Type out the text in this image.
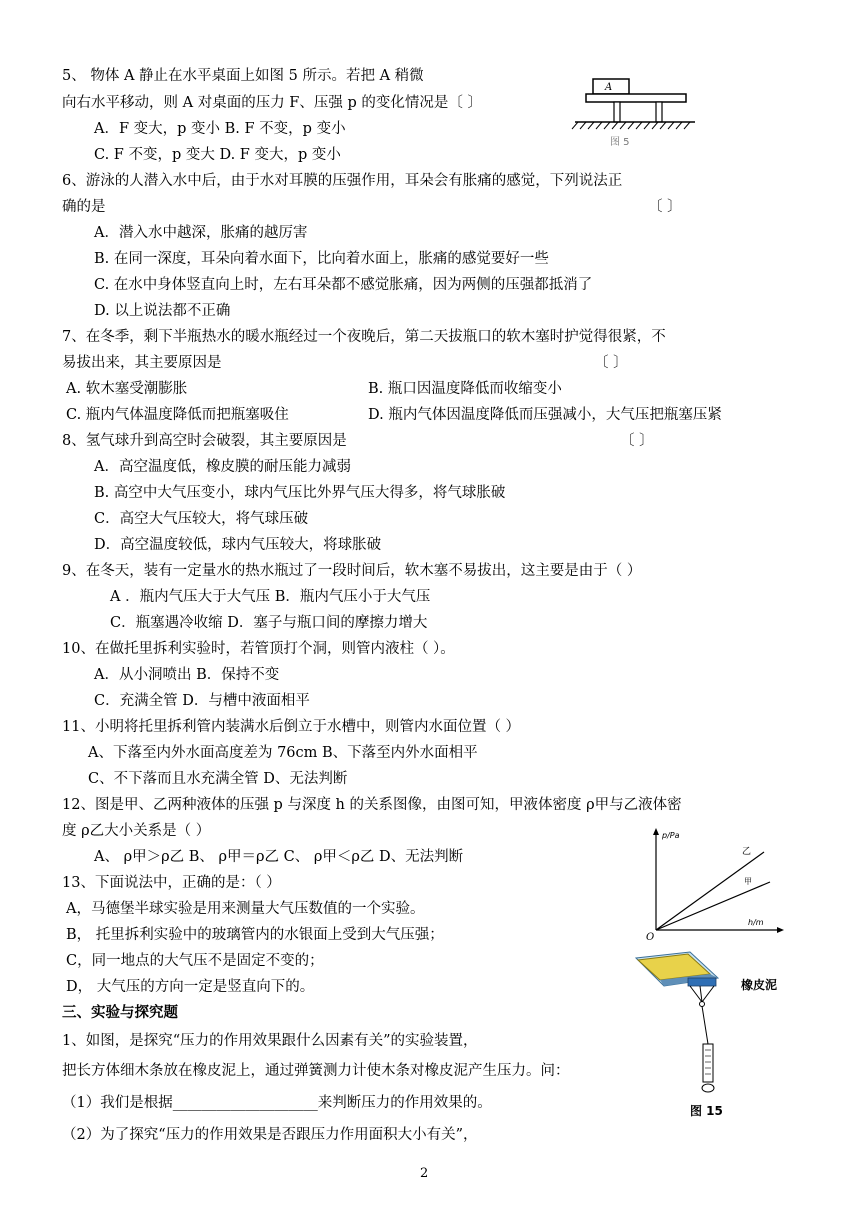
5、 物体 A 静止在水平桌面上如图 5 所示。若把 A 稍微
向右水平移动，则 A 对桌面的压力 F、压强 p 的变化情况是〔 〕
A．F 变大，p 变小 B. F 不变，p 变小
C. F 不变，p 变大 D. F 变大，p 变小
6、游泳的人潜入水中后，由于水对耳膜的压强作用，耳朵会有胀痛的感觉，下列说法正
确的是	〔 〕
A．潜入水中越深，胀痛的越厉害
B. 在同一深度，耳朵向着水面下，比向着水面上，胀痛的感觉要好一些
C. 在水中身体竖直向上时，左右耳朵都不感觉胀痛，因为两侧的压强都抵消了
D. 以上说法都不正确
7、在冬季，剩下半瓶热水的暖水瓶经过一个夜晚后，第二天拔瓶口的软木塞时护觉得很紧，不
易拔出来，其主要原因是	〔 〕
A. 软木塞受潮膨胀	B. 瓶口因温度降低而收缩变小
C. 瓶内气体温度降低而把瓶塞吸住	D. 瓶内气体因温度降低而压强减小，大气压把瓶塞压紧
8、氢气球升到高空时会破裂，其主要原因是	〔 〕
A．高空温度低，橡皮膜的耐压能力减弱
B. 高空中大气压变小，球内气压比外界气压大得多，将气球胀破
C．高空大气压较大，将气球压破
D．高空温度较低，球内气压较大，将球胀破
9、在冬天，装有一定量水的热水瓶过了一段时间后，软木塞不易拔出，这主要是由于（ ）
A ．瓶内气压大于大气压 B．瓶内气压小于大气压
C．瓶塞遇冷收缩 D．塞子与瓶口间的摩擦力增大
10、在做托里拆利实验时，若管顶打个洞，则管内液柱（ ）。
A．从小洞喷出 B．保持不变
C．充满全管 D．与槽中液面相平
11、小明将托里拆利管内装满水后倒立于水槽中，则管内水面位置（ ）
A、下落至内外水面高度差为 76cm B、下落至内外水面相平
C、不下落而且水充满全管 D、无法判断
12、图是甲、乙两种液体的压强 p 与深度 h 的关系图像，由图可知，甲液体密度 ρ甲与乙液体密
度 ρ乙大小关系是（ ）
A、 ρ甲＞ρ乙 B、 ρ甲＝ρ乙 C、 ρ甲＜ρ乙 D、无法判断
13、下面说法中，正确的是：（ ）
A，马德堡半球实验是用来测量大气压数值的一个实验。
B， 托里拆利实验中的玻璃管内的水银面上受到大气压强；
C，同一地点的大气压不是固定不变的；
D， 大气压的方向一定是竖直向下的。
三、实验与探究题
1、如图，是探究“压力的作用效果跟什么因素有关”的实验装置，
把长方体细木条放在橡皮泥上，通过弹簧测力计使木条对橡皮泥产生压力。问：
（1）我们是根据____________________来判断压力的作用效果的。
（2）为了探究“压力的作用效果是否跟压力作用面积大小有关”，
A
图 5
p/Pa
h/m
O
乙
甲
橡皮泥
图 15
2
